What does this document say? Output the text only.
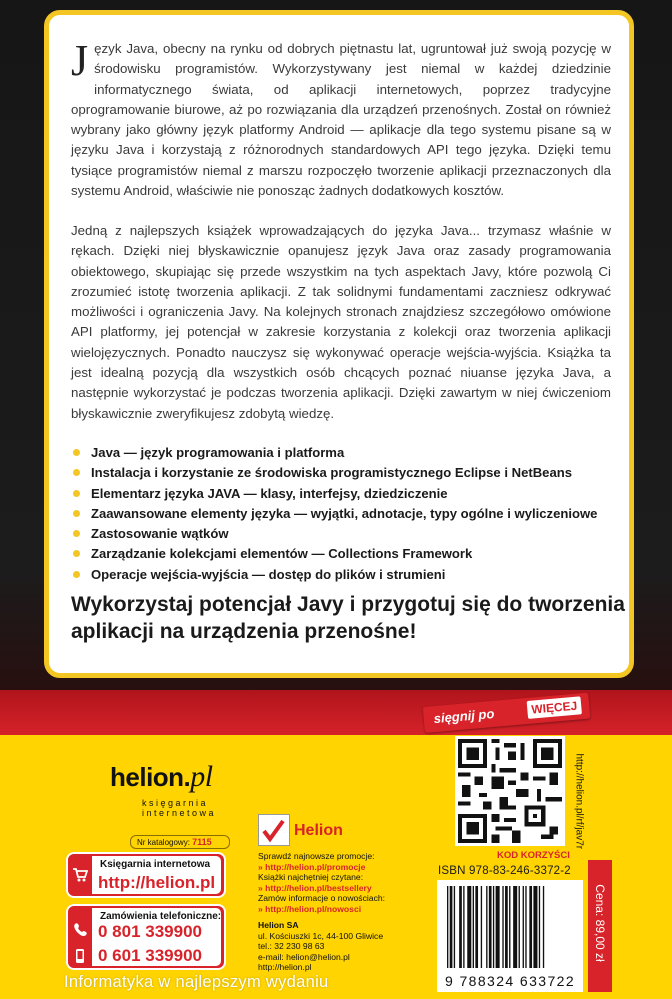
Język Java, obecny na rynku od dobrych piętnastu lat, ugruntował już swoją pozycję w środowisku programistów. Wykorzystywany jest niemal w każdej dziedzinie informatycznego świata, od aplikacji internetowych, poprzez tradycyjne oprogramowanie biurowe, aż po rozwiązania dla urządzeń przenośnych. Został on również wybrany jako główny język platformy Android — aplikacje dla tego systemu pisane są w języku Java i korzystają z różnorodnych standardowych API tego języka. Dzięki temu tysiące programistów niemal z marszu rozpoczęło tworzenie aplikacji przeznaczonych dla systemu Android, właściwie nie ponosząc żadnych dodatkowych kosztów.

Jedną z najlepszych książek wprowadzających do języka Java... trzymasz właśnie w rękach. Dzięki niej błyskawicznie opanujesz język Java oraz zasady programowania obiektowego, skupiając się przede wszystkim na tych aspektach Javy, które pozwolą Ci zrozumieć istotę tworzenia aplikacji. Z tak solidnymi fundamentami zaczniesz odkrywać możliwości i ograniczenia Javy. Na kolejnych stronach znajdziesz szczegółowo omówione API platformy, jej potencjał w zakresie korzystania z kolekcji oraz tworzenia aplikacji wielojęzycznych. Ponadto nauczysz się wykonywać operacje wejścia-wyjścia. Książka ta jest idealną pozycją dla wszystkich osób chcących poznać niuanse języka Java, a następnie wykorzystać je podczas tworzenia aplikacji. Dzięki zawartym w niej ćwiczeniom błyskawicznie zweryfikujesz zdobytą wiedzę.

Java — język programowania i platforma
Instalacja i korzystanie ze środowiska programistycznego Eclipse i NetBeans
Elementarz języka JAVA — klasy, interfejsy, dziedziczenie
Zaawansowane elementy języka — wyjątki, adnotacje, typy ogólne i wyliczeniowe
Zastosowanie wątków
Zarządzanie kolekcjami elementów — Collections Framework
Operacje wejścia-wyjścia — dostęp do plików i strumieni

Wykorzystaj potencjał Javy i przygotuj się do tworzenia aplikacji na urządzenia przenośne!

sięgnij po	WIĘCEJ
http://helion.pl/rf/jav7r
KOD KORZYŚCI
ISBN 978-83-246-3372-2
9 788324 633722
Cena: 89,00 zł
helion.pl
księgarnia
internetowa
Nr katalogowy: 7115
Księgarnia internetowa
http://helion.pl
Zamówienia telefoniczne:
0 801 339900
0 601 339900
Informatyka w najlepszym wydaniu
Helion
Sprawdź najnowsze promocje:
» http://helion.pl/promocje
Książki najchętniej czytane:
» http://helion.pl/bestsellery
Zamów informacje o nowościach:
» http://helion.pl/nowosci
Helion SA
ul. Kościuszki 1c, 44-100 Gliwice
tel.: 32 230 98 63
e-mail: helion@helion.pl
http://helion.pl
